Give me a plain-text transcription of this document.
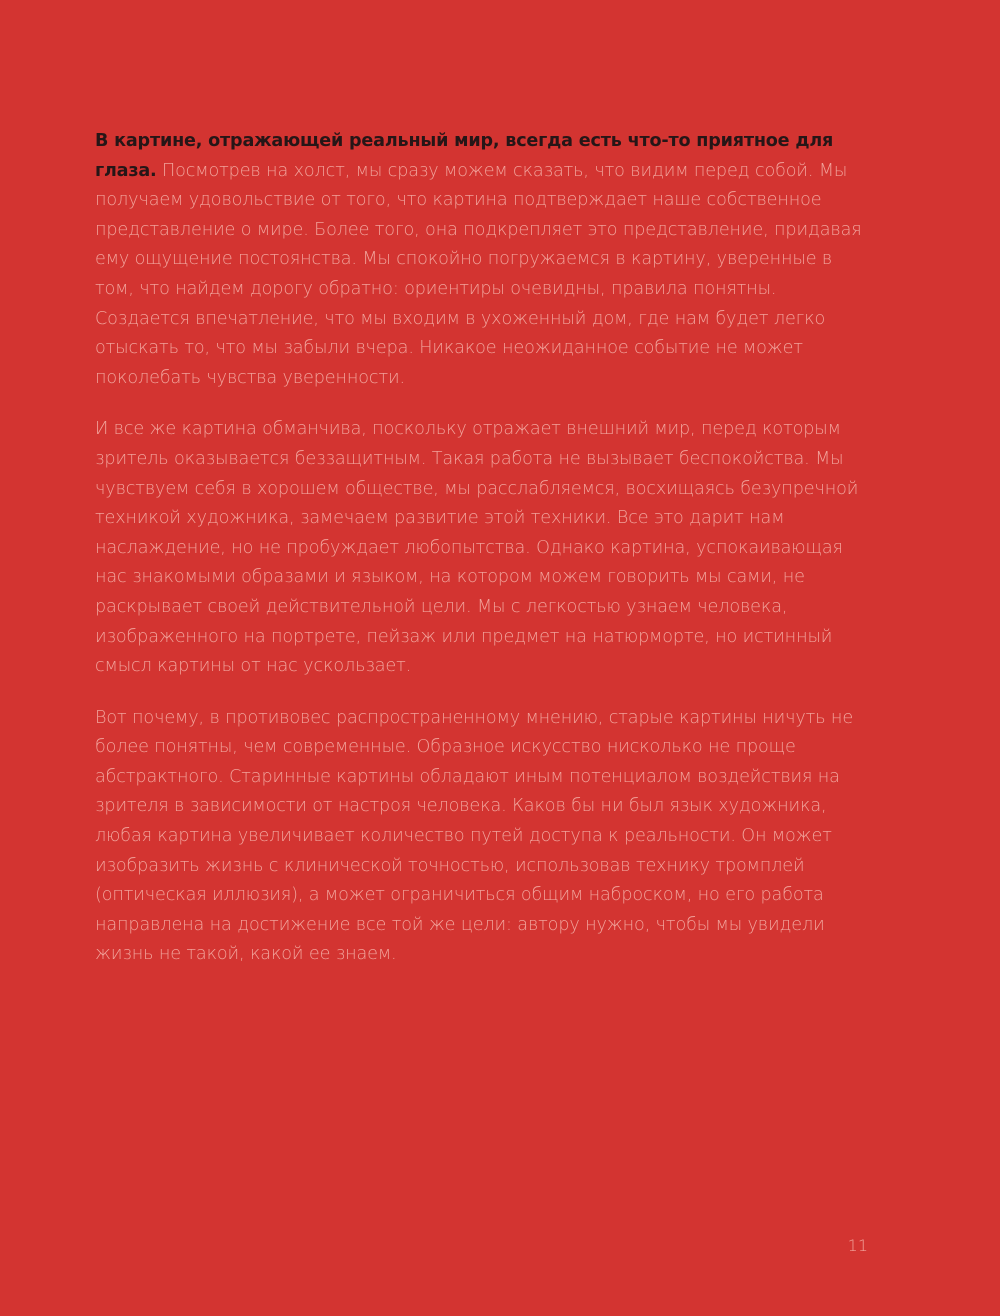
В картине, отражающей реальный мир, всегда есть что-то приятное для глаза. Посмотрев на холст, мы сразу можем сказать, что видим перед собой. Мы получаем удовольствие от того, что картина подтверждает наше собственное представление о мире. Более того, она подкрепляет это представление, придавая ему ощущение постоянства. Мы спокойно погружаемся в картину, уверенные в том, что найдем дорогу обратно: ориентиры очевидны, правила понятны. Создается впечатление, что мы входим в ухоженный дом, где нам будет легко отыскать то, что мы забыли вчера. Никакое неожиданное событие не может поколебать чувства уверенности.

И все же картина обманчива, поскольку отражает внешний мир, перед которым зритель оказывается беззащитным. Такая работа не вызывает беспокойства. Мы чувствуем себя в хорошем обществе, мы расслабляемся, восхищаясь безупречной техникой художника, замечаем развитие этой техники. Все это дарит нам наслаждение, но не пробуждает любопытства. Однако картина, успокаивающая нас знакомыми образами и языком, на котором можем говорить мы сами, не раскрывает своей действительной цели. Мы с легкостью узнаем человека, изображенного на портрете, пейзаж или предмет на натюрморте, но истинный смысл картины от нас ускользает.

Вот почему, в противовес распространенному мнению, старые картины ничуть не более понятны, чем современные. Образное искусство нисколько не проще абстрактного. Старинные картины обладают иным потенциалом воздействия на зрителя в зависимости от настроя человека. Каков бы ни был язык художника, любая картина увеличивает количество путей доступа к реальности. Он может изобразить жизнь с клинической точностью, использовав технику тромплей (оптическая иллюзия), а может ограничиться общим наброском, но его работа направлена на достижение все той же цели: автору нужно, чтобы мы увидели жизнь не такой, какой ее знаем.

11
